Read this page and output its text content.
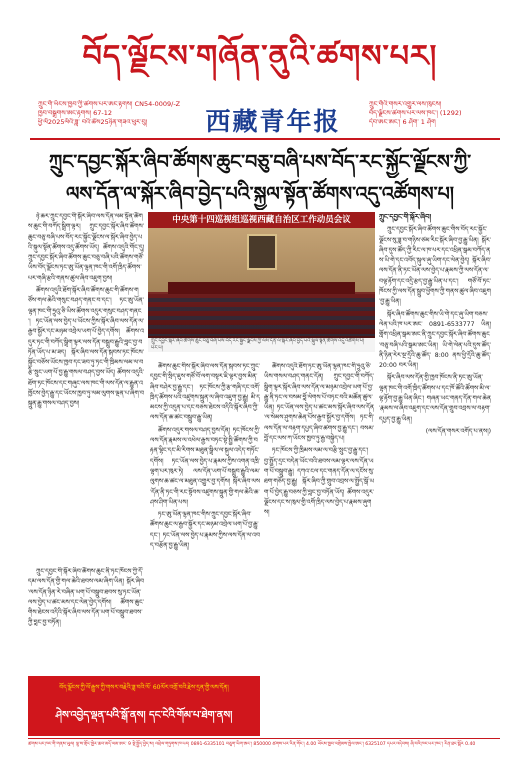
བོད་ལྗོངས་གཞོན་ནུའི་ཚགས་པར།
ཀྲུང་གོ་ཡོངས་ཁྱབ་ཀྱི་ཚགས་པར་ཨང་རྟགས། CN54-0009/-Z
ཁྱབ་བསྒྲགས་ཨང་རྟགས། 67-12
ཕྱི་ལོ2025ལོའི་ཟླ་ བའི་ཚེས25ཉིན་གཟའ་ཕུར་བུ།	西藏青年报
ཀྲུང་གོའི་གསར་འགྱུར་ལས་ཁུངས།
བོད་ལྗོངས་ཚགས་པར་ལས་ཁང་། (1292)
དེབ་ཨང་ཨང་། 6 ཤོག་ 1 ཤོག
ཀྲུང་དབྱང་སྐོར་ཞིབ་ཚོགས་ཆུང་བཅུ་བཞི་པས་བོད་རང་སྐྱོང་ལྗོངས་ཀྱི་
ལས་དོན་ལ་སྐོར་ཞིབ་བྱེད་པའི་སྐྱལ་སྟོན་ཚོགས་འདུ་འཚོགས་པ།

ཉེ་ཆར་ཀྲུང་དབྱང་གི་སྐོར་ཞིབ་ལས་དོན་ལམ་སྟོན་ཚོགས་ཆུང་གི་བཀོད་སྒྲིག་ལྟར། ཀྲུང་དབྱང་སྐོར་ཞིབ་ཚོགས་ཆུང་བཅུ་བཞི་པས་བོད་རང་སྐྱོང་ལྗོངས་ལ་སྐོར་ཞིབ་བྱེད་པའི་སྐུལ་སྟོན་ཚོགས་འདུ་ཚོགས་ཡོད། ཚོགས་འདུའི་གོང་དུ། ཀྲུང་དབྱང་སྐོར་ཞིབ་ཚོགས་ཆུང་བཅུ་བཞི་པའི་ཚོགས་གཙོ་ཡིས་བོད་ལྗོངས་ཏང་ཨུ་ཡོན་ལྷན་ཁང་གི་འགོ་ཁྲིད་ཚོགས་པར་གཞི་རྩའི་གནས་ཚུལ་ཞིབ་འཇུག་བྱས།

ཚོགས་འདུའི་ཐོག་སྐོར་ཞིབ་ཚོགས་ཆུང་གི་ཚོགས་གཙོས་གལ་ཆེའི་གསུང་བཤད་གནང་བ་དང་། ཏང་ཨུ་ཡོན་ལྷན་ཁང་གི་ཧྲུའུ་ཅི་ཡིས་ཚོགས་འདུར་གསུང་བཤད་གནང་། ཏང་ཡོན་ལས་བྱེད་པ་ཡོངས་ཀྱིས་སྐོར་ཞིབ་ལས་དོན་ལ་རྒྱབ་སྐྱོར་དང་མཉམ་འབྲེལ་ཡག་པོ་བྱེད་དགོས། ཚོགས་འདུར་ཏང་གི་བཀོད་སྒྲིག་ལྟར་ལས་དོན་བསྒྲུབ་རྒྱུའི་བླང་བྱ་བཏོན་ཡོད་པ་མ་ཟད། སྐོར་ཞིབ་ལས་དོན་སྐབས་ཏང་ཁོངས་སྐྱོང་བཅོས་ཡོངས་ཁྱབ་དང་ཟབ་ཏུ་ཏང་གི་ཁྲིམས་ལམ་ལ་བརྩི་སྲུང་ཡག་པོ་བྱ་རྒྱུ་གསལ་བཤད་བྱས་ཡོད། ཚོགས་འདུའི་ཐོག་ཏང་ཁོངས་དང་གཞུང་ལས་ཁང་གི་ལས་དོན་ལ་རྒྱུན་འཁྱོངས་བྱེད་རྒྱུ་དང་ཡོངས་ཁྱབ་ཏུ་ལམ་ལུགས་ལྡན་པ་ཞིག་བསྐྲུན་རྒྱུ་གསལ་བཤད་བྱས།

ཀྲུང་དབྱང་གི་སྐོར་ཞིབ་ཚོགས་ཆུང་ནི་ཏང་ཁོངས་ཀྱི་དོ་དམ་ལས་དོན་གྱི་གལ་ཆེའི་ཐབས་ལམ་ཞིག་ཡིན། སྐོར་ཞིབ་ལས་དོན་ཉིན་རེ་བཞིན་ཡག་པོ་བསྒྲུབ་ཐབས་སུ་ཏང་ཡོན་ལས་བྱེད་པ་ཚང་མས་དང་ལེན་བྱེད་དགོས། ཚོགས་ཆུང་གིས་ཐེངས་འདིའི་སྐོར་ཞིབ་ལས་དོན་ཡག་པོ་བསྒྲུབ་ཐབས་ཀྱི་བླང་བྱ་བཏོན།

中央第十四巡视组巡视西藏自治区工作动员会议
ཀྲུང་དབྱང་སྐོར་ཞིབ་ཚོགས་ཆུང་བཅུ་བཞི་པས་བོད་རང་སྐྱོང་ལྗོངས་ཀྱི་ལས་དོན་ལ་སྐོར་ཞིབ་བྱེད་པའི་སྐུལ་སྟོན་ཚོགས་འདུ་འཚོགས་པ། པར་པ།

ཚོགས་ཆུང་གིས་སྐོར་ཞིབ་ལས་དོན་སྐབས་ཏང་ཀྲུང་དབྱང་གི་སྲིད་ཇུས་གཙོ་བོ་ལག་བསྟར་ཇི་ལྟར་བྱས་མིན་ཞིབ་བཤེར་བྱ་རྒྱུ་དང་། ཏང་ཁོངས་ཀྱི་རྩ་གཞི་དང་འགོ་ཁྲིད་ཚོགས་པའི་འཛུགས་སྐྲུན་ལ་ཞིབ་འཇུག་བྱ་རྒྱུ། མི་དམངས་ཀྱི་འདུན་པ་དང་བཅས་ཐེངས་འདིའི་སྐོར་ཞིབ་ཀྱི་ལས་དོན་ཆ་ཚང་བསྒྲུབ་རྒྱུ་ཡིན།

ཚོགས་འདུར་གསལ་བཤད་བྱས་དོན། ཏང་ཁོངས་ཀྱི་ལས་དོན་རྣམས་ལ་འཕེལ་རྒྱས་བཏང་སྟེ་སྤྱི་ཚོགས་ཀྱི་བརྟན་ལྷིང་དང་མི་རིགས་མཐུན་སྒྲིལ་ལ་སྐུལ་འདེད་གཏོང་དགོས། ཏང་ཡོན་ལས་བྱེད་པ་རྣམས་ཀྱིས་འགན་འཁྲི་ལྷག་པར་ཁུར་ཏེ། ལས་དོན་ཡག་པོ་བསྒྲུབ་རྒྱུའི་ལམ་ལུགས་ཆ་ཚང་ལ་མཐུན་འགྱུར་བྱ་དགོས། སྐོར་ཞིབ་ལས་དོན་ནི་ཏང་གི་རང་སྟོབས་འཛུགས་སྐྲུན་གྱི་གལ་ཆེའི་ཆ་ཤས་ཤིག་ཡིན་པས།

ཏང་ཨུ་ཡོན་ལྷན་ཁང་གིས་ཀྲུང་དབྱང་སྐོར་ཞིབ་ཚོགས་ཆུང་ལ་རྒྱབ་སྐྱོར་དང་མཉམ་འབྲེལ་ཡག་པོ་བྱ་རྒྱུ་དང་། ཏང་ཡོན་ལས་བྱེད་པ་རྣམས་ཀྱིས་ལས་དོན་ལ་འབད་བརྩོན་བྱ་རྒྱུ་ཡིན།

ཚོགས་འདུའི་ཐོག་ཏང་ཨུ་ཡོན་ལྷན་ཁང་གི་ཧྲུའུ་ཅི་ཡིས་གསལ་བཤད་གནང་དོན། ཀྲུང་དབྱང་གི་བཀོད་སྒྲིག་ལྟར་སྐོར་ཞིབ་ལས་དོན་ལ་མཉམ་འབྲེལ་ཡག་པོ་བྱ་རྒྱུ་ནི་ཏང་ལ་བསམ་བློ་ལེགས་པོ་བཏང་བའི་མཚོན་ཚུལ་ཡིན། ཏང་ཡོན་ལས་བྱེད་པ་ཚང་མས་སྐོར་ཞིབ་ལས་དོན་ལ་སེམས་ཤུགས་ཆེན་པོས་རྒྱབ་སྐྱོར་བྱ་དགོས། ཏང་གི་ལས་དོན་ལ་བརྟག་དཔྱད་ཞིབ་ཚགས་བྱ་རྒྱུ་དང་། བསམ་བློ་དང་ལས་ཀ་ཡོངས་ཁྱབ་ཏུ་རྒྱ་བསྐྱེད་པ།

ཏང་ཁོངས་ཀྱི་ཁྲིམས་ལམ་ལ་བརྩི་སྲུང་བྱ་རྒྱུ་དང་། བྱ་སྤྱོད་དྲང་བདེན་ཡོང་བའི་ཐབས་ལམ་ལྟར་ལས་དོན་ཡག་པོ་བསྒྲུབ་རྒྱུ། དཀའ་ངལ་དང་གནད་དོན་ལ་དངོས་སུ་ཐག་གཅོད་བྱ་རྒྱུ། སྐོར་ཞིབ་ཀྱི་གྲུབ་འབྲས་ལ་སྤྱོད་སྒོ་ཡག་པོ་བྱེད་རྒྱུ་བཅས་ཀྱི་བླང་བྱ་བཏོན་ཡོད། ཚོགས་འདུར་ལྗོངས་དང་ས་ཁུལ་གྱི་འགོ་ཁྲིད་ལས་བྱེད་པ་རྣམས་ཞུགས།

ཀྲུང་དབྱང་གི་སྐོར་ཞིབ།

ཀྲུང་དབྱང་སྐོར་ཞིབ་ཚོགས་ཆུང་གིས་བོད་རང་སྐྱོང་ལྗོངས་སུ་ཟླ་བ་གཉིས་ཙམ་རིང་སྐོར་ཞིབ་བྱ་རྒྱུ་ཡིན། སྐོར་ཞིབ་དུས་ཚོད་ཀྱི་རིང་ལ་ཁ་པར་དང་འཕྲིན་སྒམ་བཀོད་ནས་ཡི་གེ་དང་འབོད་སྐུལ་ཞུ་ཡིག་དང་ལེན་བྱེད། སྐོར་ཞིབ་ལས་དོན་ནི་ཏང་ཡོན་ལས་བྱེད་པ་རྣམས་ཀྱི་ལས་དོན་ལ་བལྟ་རྟོག་དང་འདྲི་རྩད་བྱ་རྒྱུ་ཡིན་པ་དང་། གཙོ་བོ་ཏང་ཁོངས་ཀྱི་ལས་དོན་སྒྲུབ་ཕྱོགས་ཀྱི་གནས་ཚུལ་ཞིབ་འཇུག་བྱ་རྒྱུ་ཡིན།

སྐོར་ཞིབ་ཚོགས་ཆུང་གིས་ཡི་གེ་དང་ཞུ་ཡིག་བཅས་ལེན་པའི་ཁ་པར་ཨང་ 0891-6533777 ཡིན། གློག་འཕྲིན་སྒམ་ཨང་ནི་ཀྲུང་དབྱང་སྐོར་ཞིབ་ཚོགས་ཆུང་བཅུ་བཞི་པའི་སྒམ་ཨང་ཡིན། ཡི་གེ་ལེན་པའི་དུས་ཚོད་ནི་ཉིན་རེར་སྔ་དྲོའི་ཆུ་ཚོད་ 8:00 ནས་ཕྱི་དྲོའི་ཆུ་ཚོད་ 20:00 བར་ཡིན།

སྐོར་ཞིབ་ལས་དོན་གྱི་ཁྱབ་ཁོངས་ནི་ཏང་ཨུ་ཡོན་ལྷན་ཁང་གི་འགོ་ཁྲིད་ཚོགས་པ་དང་ཁོ་ཚོའི་ཚོགས་མི་ལ་ལྟ་རྟོག་བྱ་རྒྱུ་ཡིན་ཞིང་། གཞན་ཡང་གནད་དོན་གལ་ཆེན་རྣམས་ལ་ཞིབ་འཇུག་དང་ལས་དོན་གྲུབ་འབྲས་ལ་བརྟག་དཔྱད་བྱ་རྒྱུ་ཡིན།

(ལས་དོན་གསར་འགོད་པ་ནས།)

བོད་ལྗོངས་ཀྱི་ལོ་རྒྱུས་ཀྱི་གསར་བརྗེའི་ཟླ་བའི་ལོ་ 60ལོར་འགྲོ་བའི་རྗེས་དྲན་གྱི་ལས་དོན།
ཤེས་འབྱེད་ལྡན་པའི་སྒོ་ནས། དང་ངེའི་གོམ་པ་ཐེག་ནས།
ཚགས་པར་ཁང་གི་གནས་ཡུལ། ལྷ་ས་གྲོང་ཁྱེར་ཆབ་མདོ་ལམ་ཨང་ 9 སྡེ་སྤྱོད་བྱེད་ས། འབྲེལ་གཏུགས་ཁ་པར། 0891-6335101 བཅུག་ཡིག་ཨང་། 850000 ཚགས་པར་རིན་གོང་། 4.00 ཡོངས་ཁྱབ་འགྲེམས་སྤེལ་ཨང་། 6325107 དཔར་འདེབས། ཞི་བའི་ཁང་པར་ཁང་། རིན་ཐང་སྒོར 0.40
